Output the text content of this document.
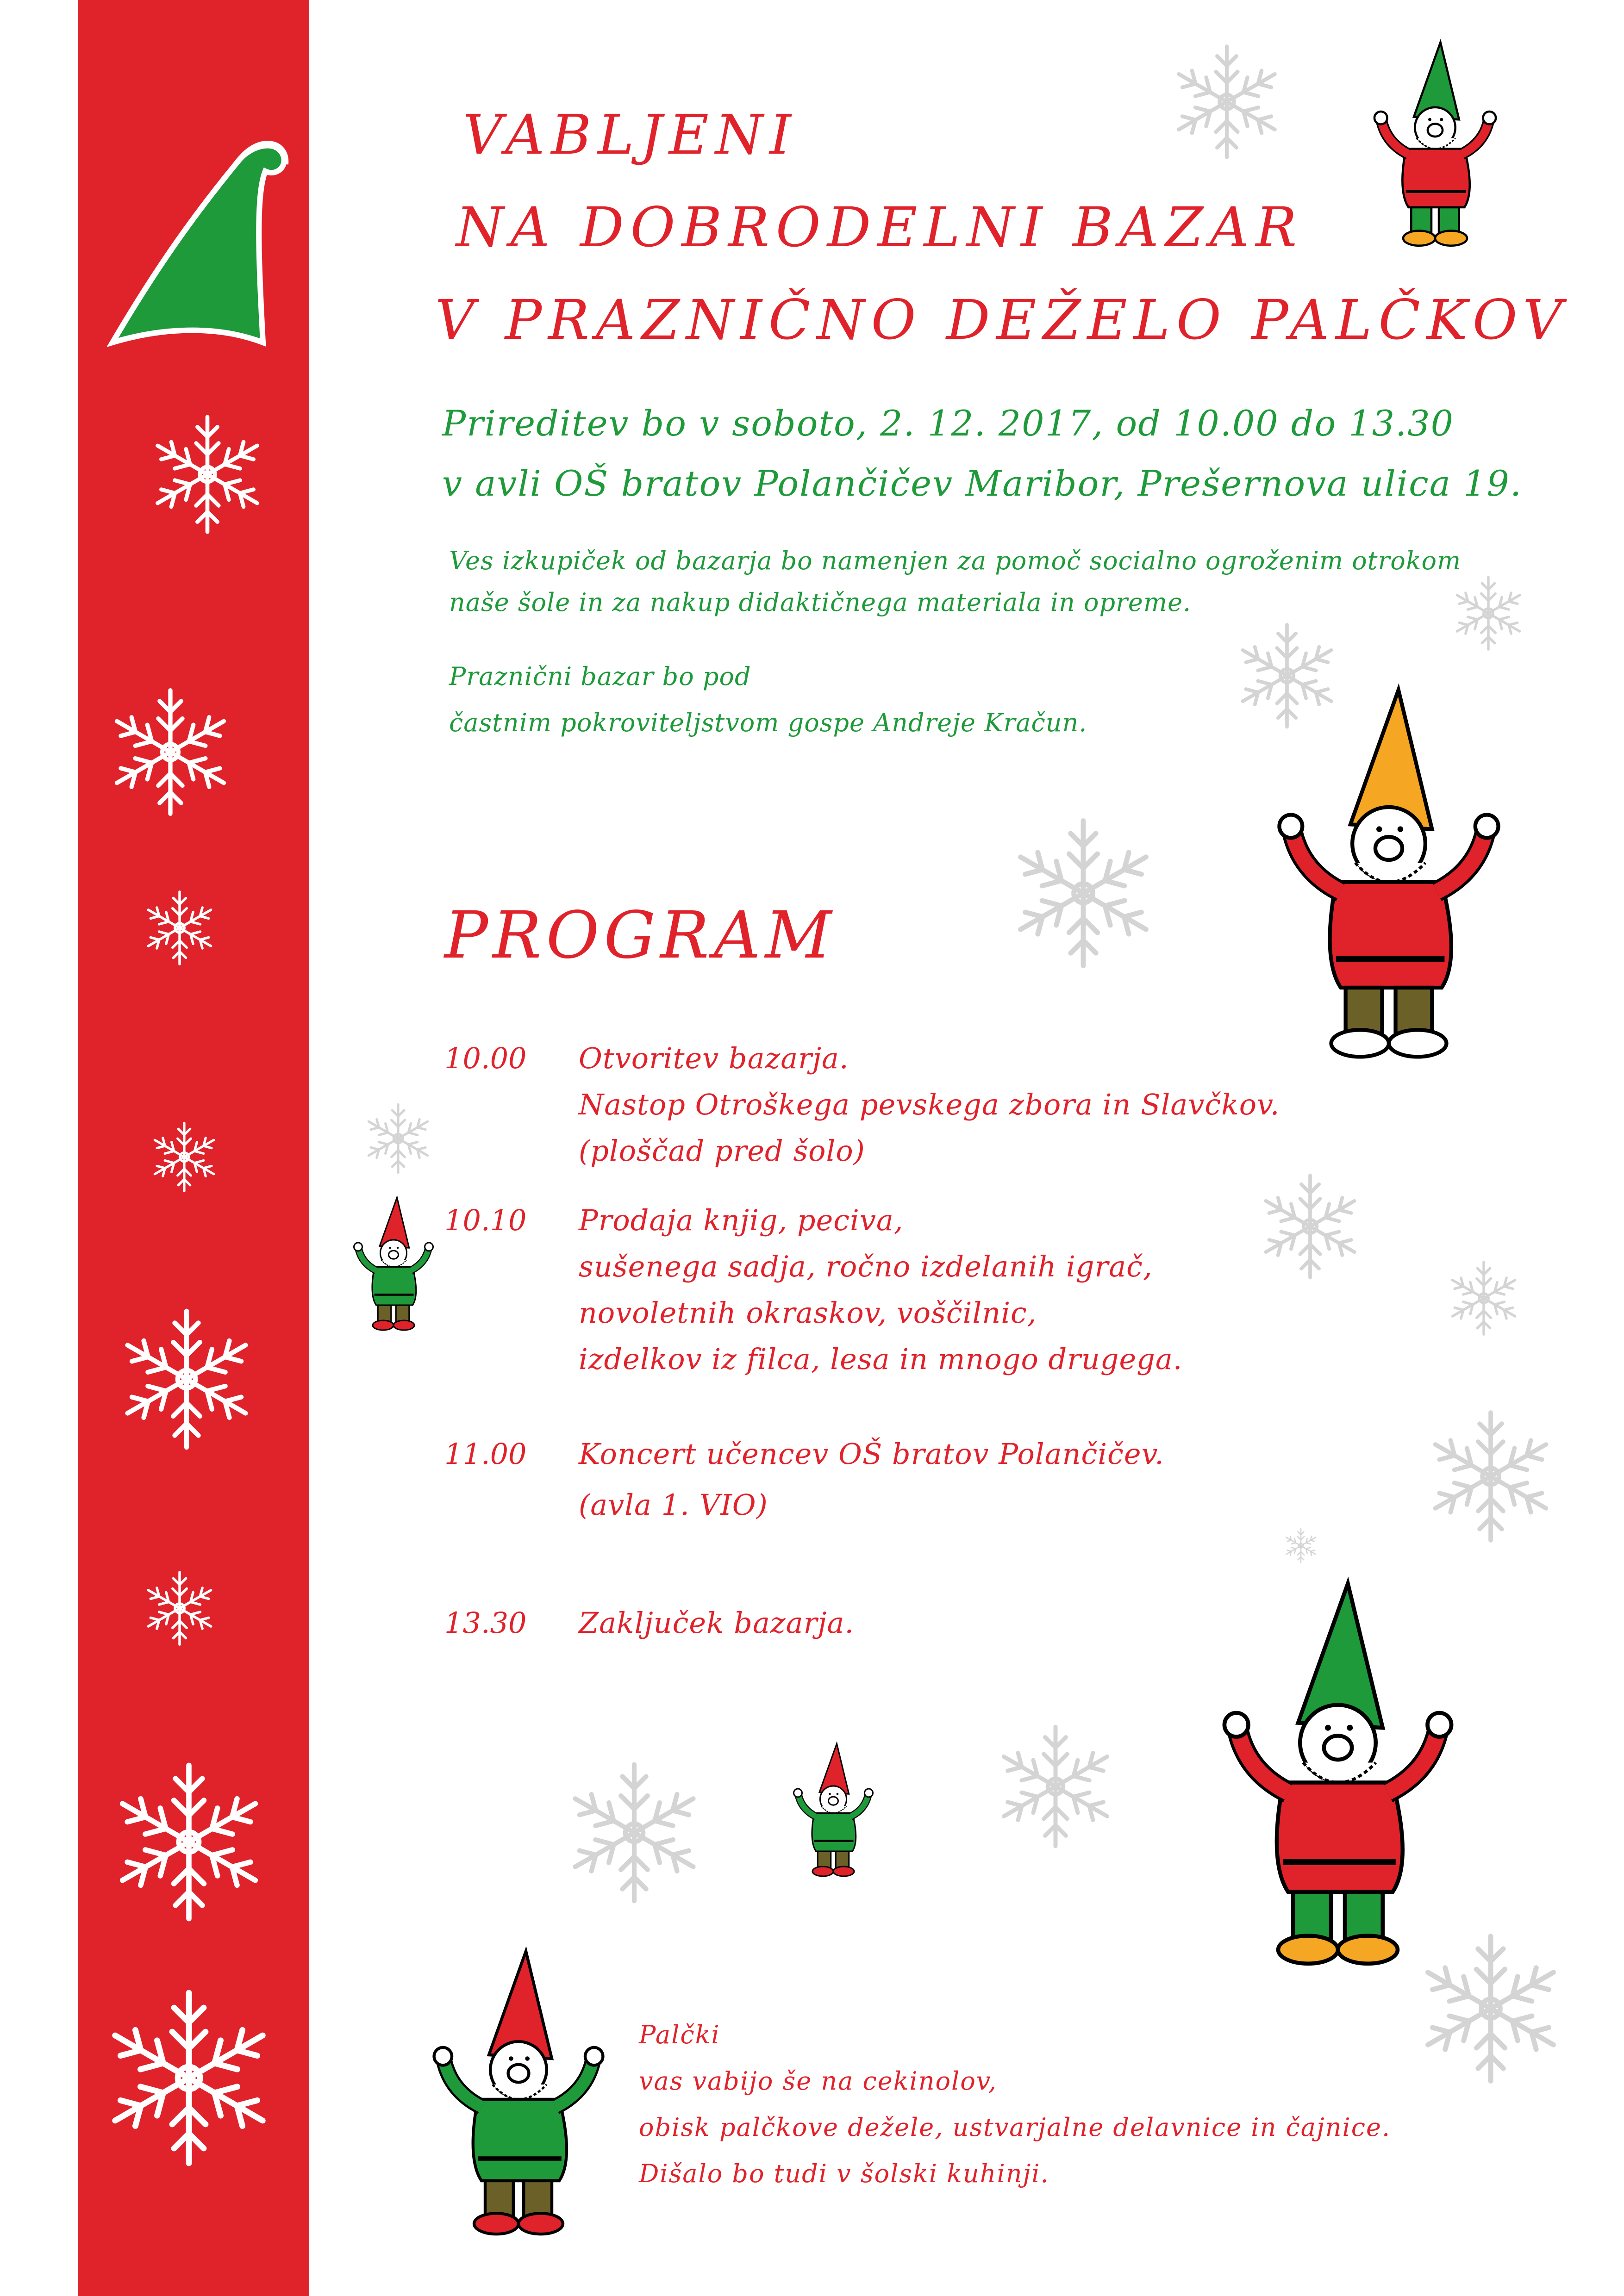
VABLJENI
NA DOBRODELNI BAZAR
V PRAZNIČNO DEŽELO PALČKOV
Prireditev bo v soboto, 2. 12. 2017, od 10.00 do 13.30
v avli OŠ bratov Polančičev Maribor, Prešernova ulica 19.
Ves izkupiček od bazarja bo namenjen za pomoč socialno ogroženim otrokom
naše šole in za nakup didaktičnega materiala in opreme.
Praznični bazar bo pod
častnim pokroviteljstvom gospe Andreje Kračun.
PROGRAM
10.00 Otvoritev bazarja.
Nastop Otroškega pevskega zbora in Slavčkov.
(ploščad pred šolo)
10.10 Prodaja knjig, peciva,
sušenega sadja, ročno izdelanih igrač,
novoletnih okraskov, voščilnic,
izdelkov iz filca, lesa in mnogo drugega.
11.00 Koncert učencev OŠ bratov Polančičev.
(avla 1. VIO)
13.30 Zaključek bazarja.
Palčki
vas vabijo še na cekinolov,
obisk palčkove dežele, ustvarjalne delavnice in čajnice.
Dišalo bo tudi v šolski kuhinji.
